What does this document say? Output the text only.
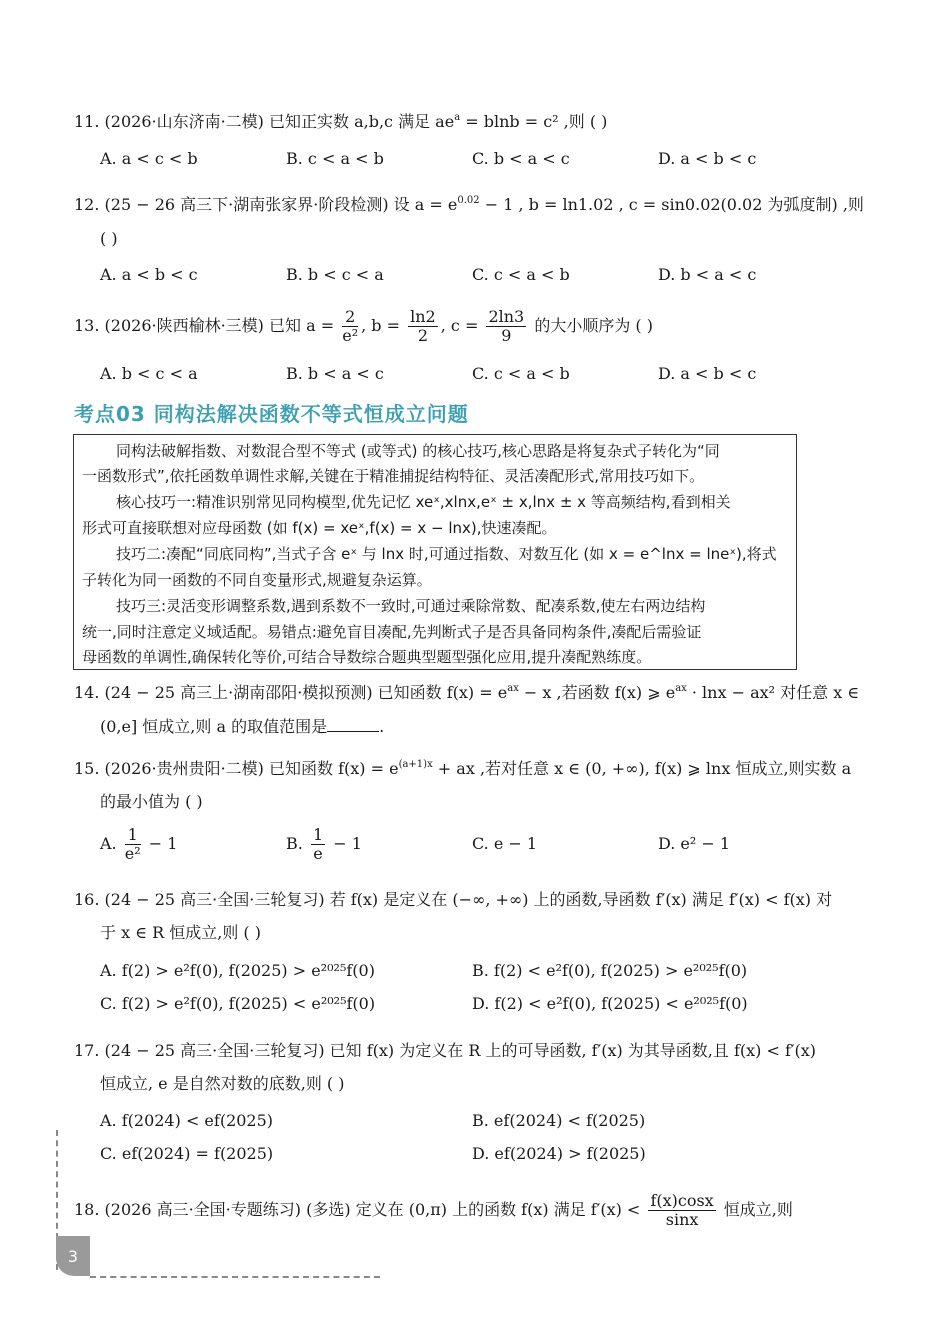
11. (2026·山东济南·二模) 已知正实数 a,b,c 满足 $ae^a = blnb = c^2$ ,则 ( )
A. a < c < b	B. c < a < b	C. b < a < c	D. a < b < c
12. (25 − 26 高三下·湖南张家界·阶段检测) 设 $a = e^{0.02} - 1$ , b = ln1.02 , c = sin0.02(0.02 为弧度制) ,则
( )
A. a < b < c	B. b < c < a	C. c < a < b	D. b < a < c
13. (2026·陕西榆林·三模) 已知 $a = \frac{2}{\text{e²}}$ , $b = \frac{\ln 2}{2}$ , $c = \frac{2\ln 3}{9}$ 的大小顺序为 ( )
A. b < c < a	B. b < a < c	C. c < a < b	D. a < b < c
考点03 同构法解决函数不等式恒成立问题
同构法破解指数、对数混合型不等式 (或等式) 的核心技巧,核心思路是将复杂式子转化为“同
一函数形式”,依托函数单调性求解,关键在于精准捕捉结构特征、灵活凑配形式,常用技巧如下。
核心技巧一:精准识别常见同构模型,优先记忆 xeˣ,xlnx,eˣ ± x,lnx ± x 等高频结构,看到相关
形式可直接联想对应母函数 (如 f(x) = xeˣ,f(x) = x − lnx),快速凑配。
技巧二:凑配“同底同构”,当式子含 eˣ 与 lnx 时,可通过指数、对数互化 (如 x = e^lnx = lneˣ),将式
子转化为同一函数的不同自变量形式,规避复杂运算。
技巧三:灵活变形调整系数,遇到系数不一致时,可通过乘除常数、配凑系数,使左右两边结构
统一,同时注意定义域适配。易错点:避免盲目凑配,先判断式子是否具备同构条件,凑配后需验证
母函数的单调性,确保转化等价,可结合导数综合题典型题型强化应用,提升凑配熟练度。
14. (24 − 25 高三上·湖南邵阳·模拟预测) 已知函数 $f(x) = e^{ax} - x$ ,若函数 f(x) ⩾ $e^{ax} \cdot \ln x - ax^2$ 对任意 x ∈
(0,e] 恒成立,则 a 的取值范围是	.
15. (2026·贵州贵阳·二模) 已知函数 $f(x) = e^{(a+1)x}$ + ax ,若对任意 x ∈ (0, +∞), f(x) ⩾ lnx 恒成立,则实数 a
的最小值为 ( )
A. $\frac{1}{\text{e²}} - 1$	B. $\frac{1}{e} - 1$	C. e − 1	D. e² − 1
16. (24 − 25 高三·全国·三轮复习) 若 f(x) 是定义在 (−∞, +∞) 上的函数,导函数 f′(x) 满足 f′(x) < f(x) 对
于 x ∈ R 恒成立,则 ( )
A. f(2) > e²f(0), f(2025) > e²⁰²⁵f(0)	B. f(2) < e²f(0), f(2025) > e²⁰²⁵f(0)
C. f(2) > e²f(0), f(2025) < e²⁰²⁵f(0)	D. f(2) < e²f(0), f(2025) < e²⁰²⁵f(0)
17. (24 − 25 高三·全国·三轮复习) 已知 f(x) 为定义在 R 上的可导函数, f′(x) 为其导函数,且 f(x) < f′(x)
恒成立, e 是自然对数的底数,则 ( )
A. f(2024) < ef(2025)	B. ef(2024) < f(2025)
C. ef(2024) = f(2025)	D. ef(2024) > f(2025)
18. (2026 高三·全国·专题练习) (多选) 定义在 (0,π) 上的函数 f(x) 满足 $f'(x) < \frac{f(x)\cos x}{\sin x}$ 恒成立,则
3
